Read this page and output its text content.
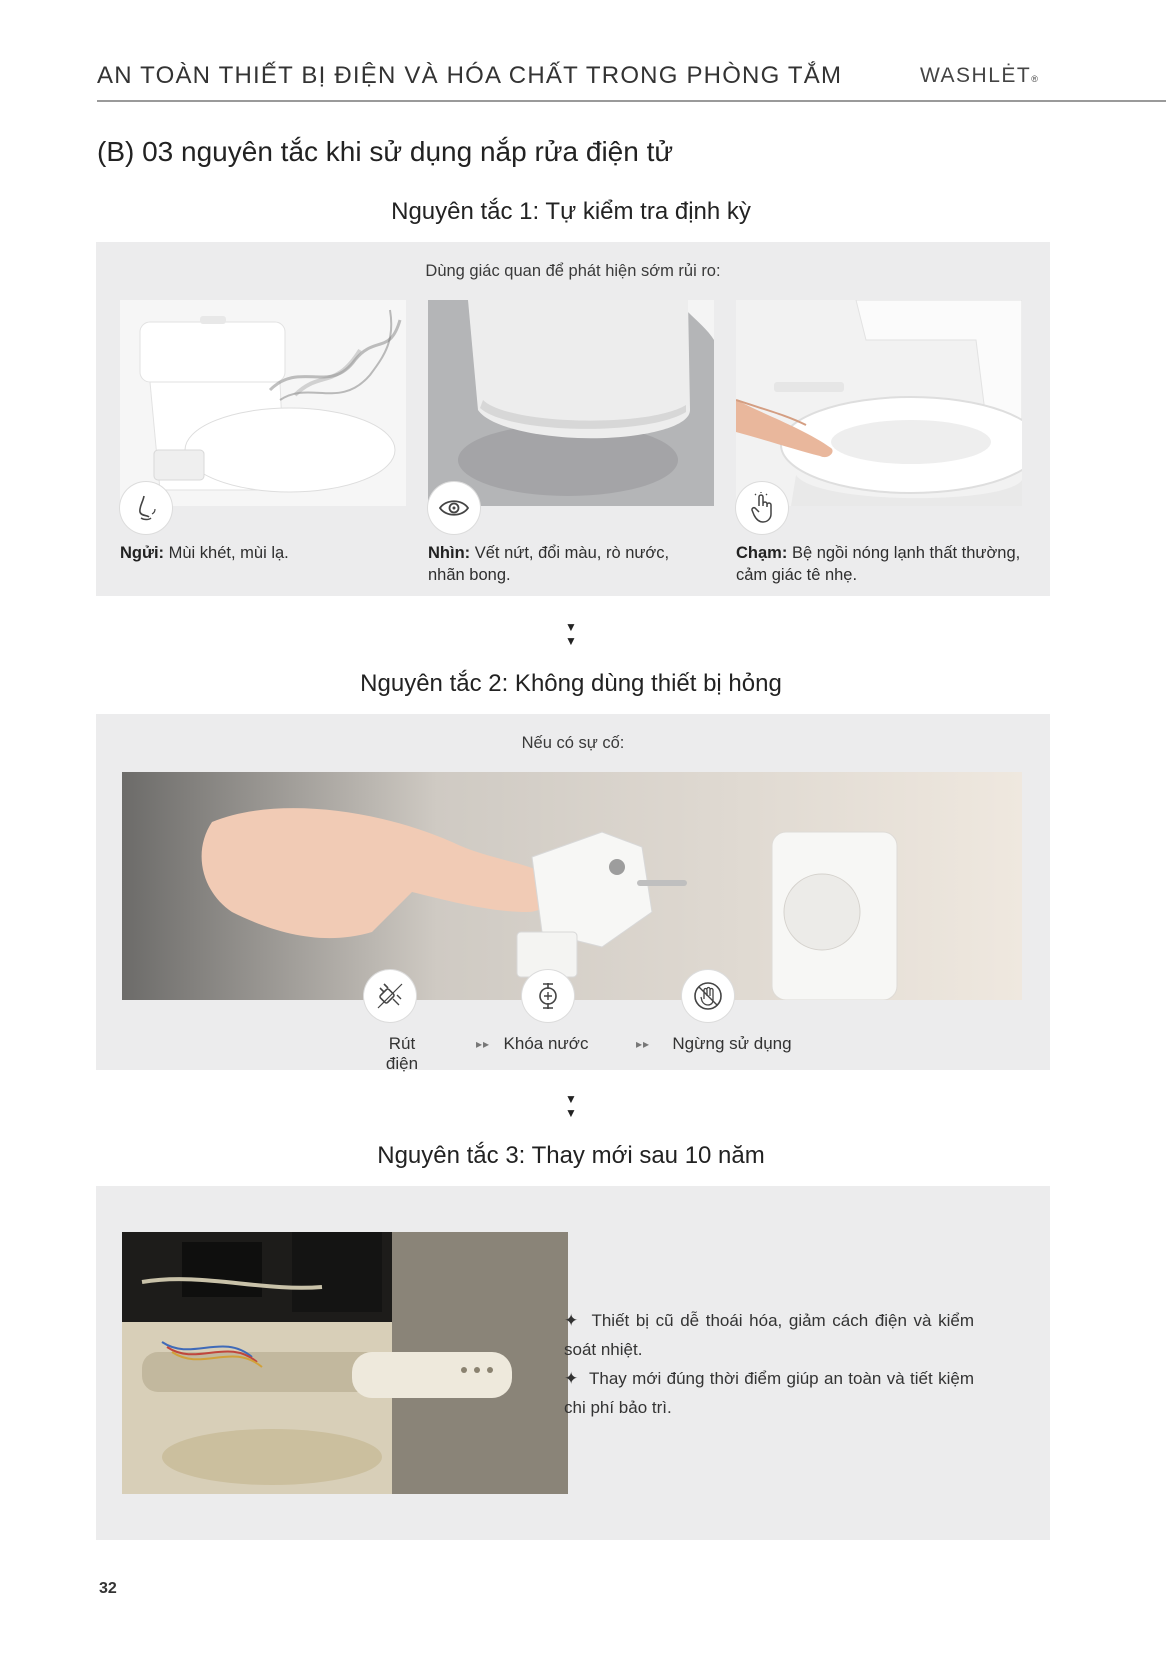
AN TOÀN THIẾT BỊ ĐIỆN VÀ HÓA CHẤT TRONG PHÒNG TẮM	WASHLĖT®
(B) 03 nguyên tắc khi sử dụng nắp rửa điện tử
Nguyên tắc 1: Tự kiểm tra định kỳ
Dùng giác quan để phát hiện sớm rủi ro:
Ngửi: Mùi khét, mùi lạ.	Nhìn: Vết nứt, đổi màu, rò nước, nhãn bong.
Chạm: Bệ ngồi nóng lạnh thất thường, cảm giác tê nhẹ.
▼
▼
Nguyên tắc 2: Không dùng thiết bị hỏng
Nếu có sự cố:
Rút điện
▸▸ Khóa nước	▸▸	Ngừng sử dụng
▼
▼
Nguyên tắc 3: Thay mới sau 10 năm

✦ Thiết bị cũ dễ thoái hóa, giảm cách điện và kiểm soát nhiệt.

✦ Thay mới đúng thời điểm giúp an toàn và tiết kiệm chi phí bảo trì.

32
